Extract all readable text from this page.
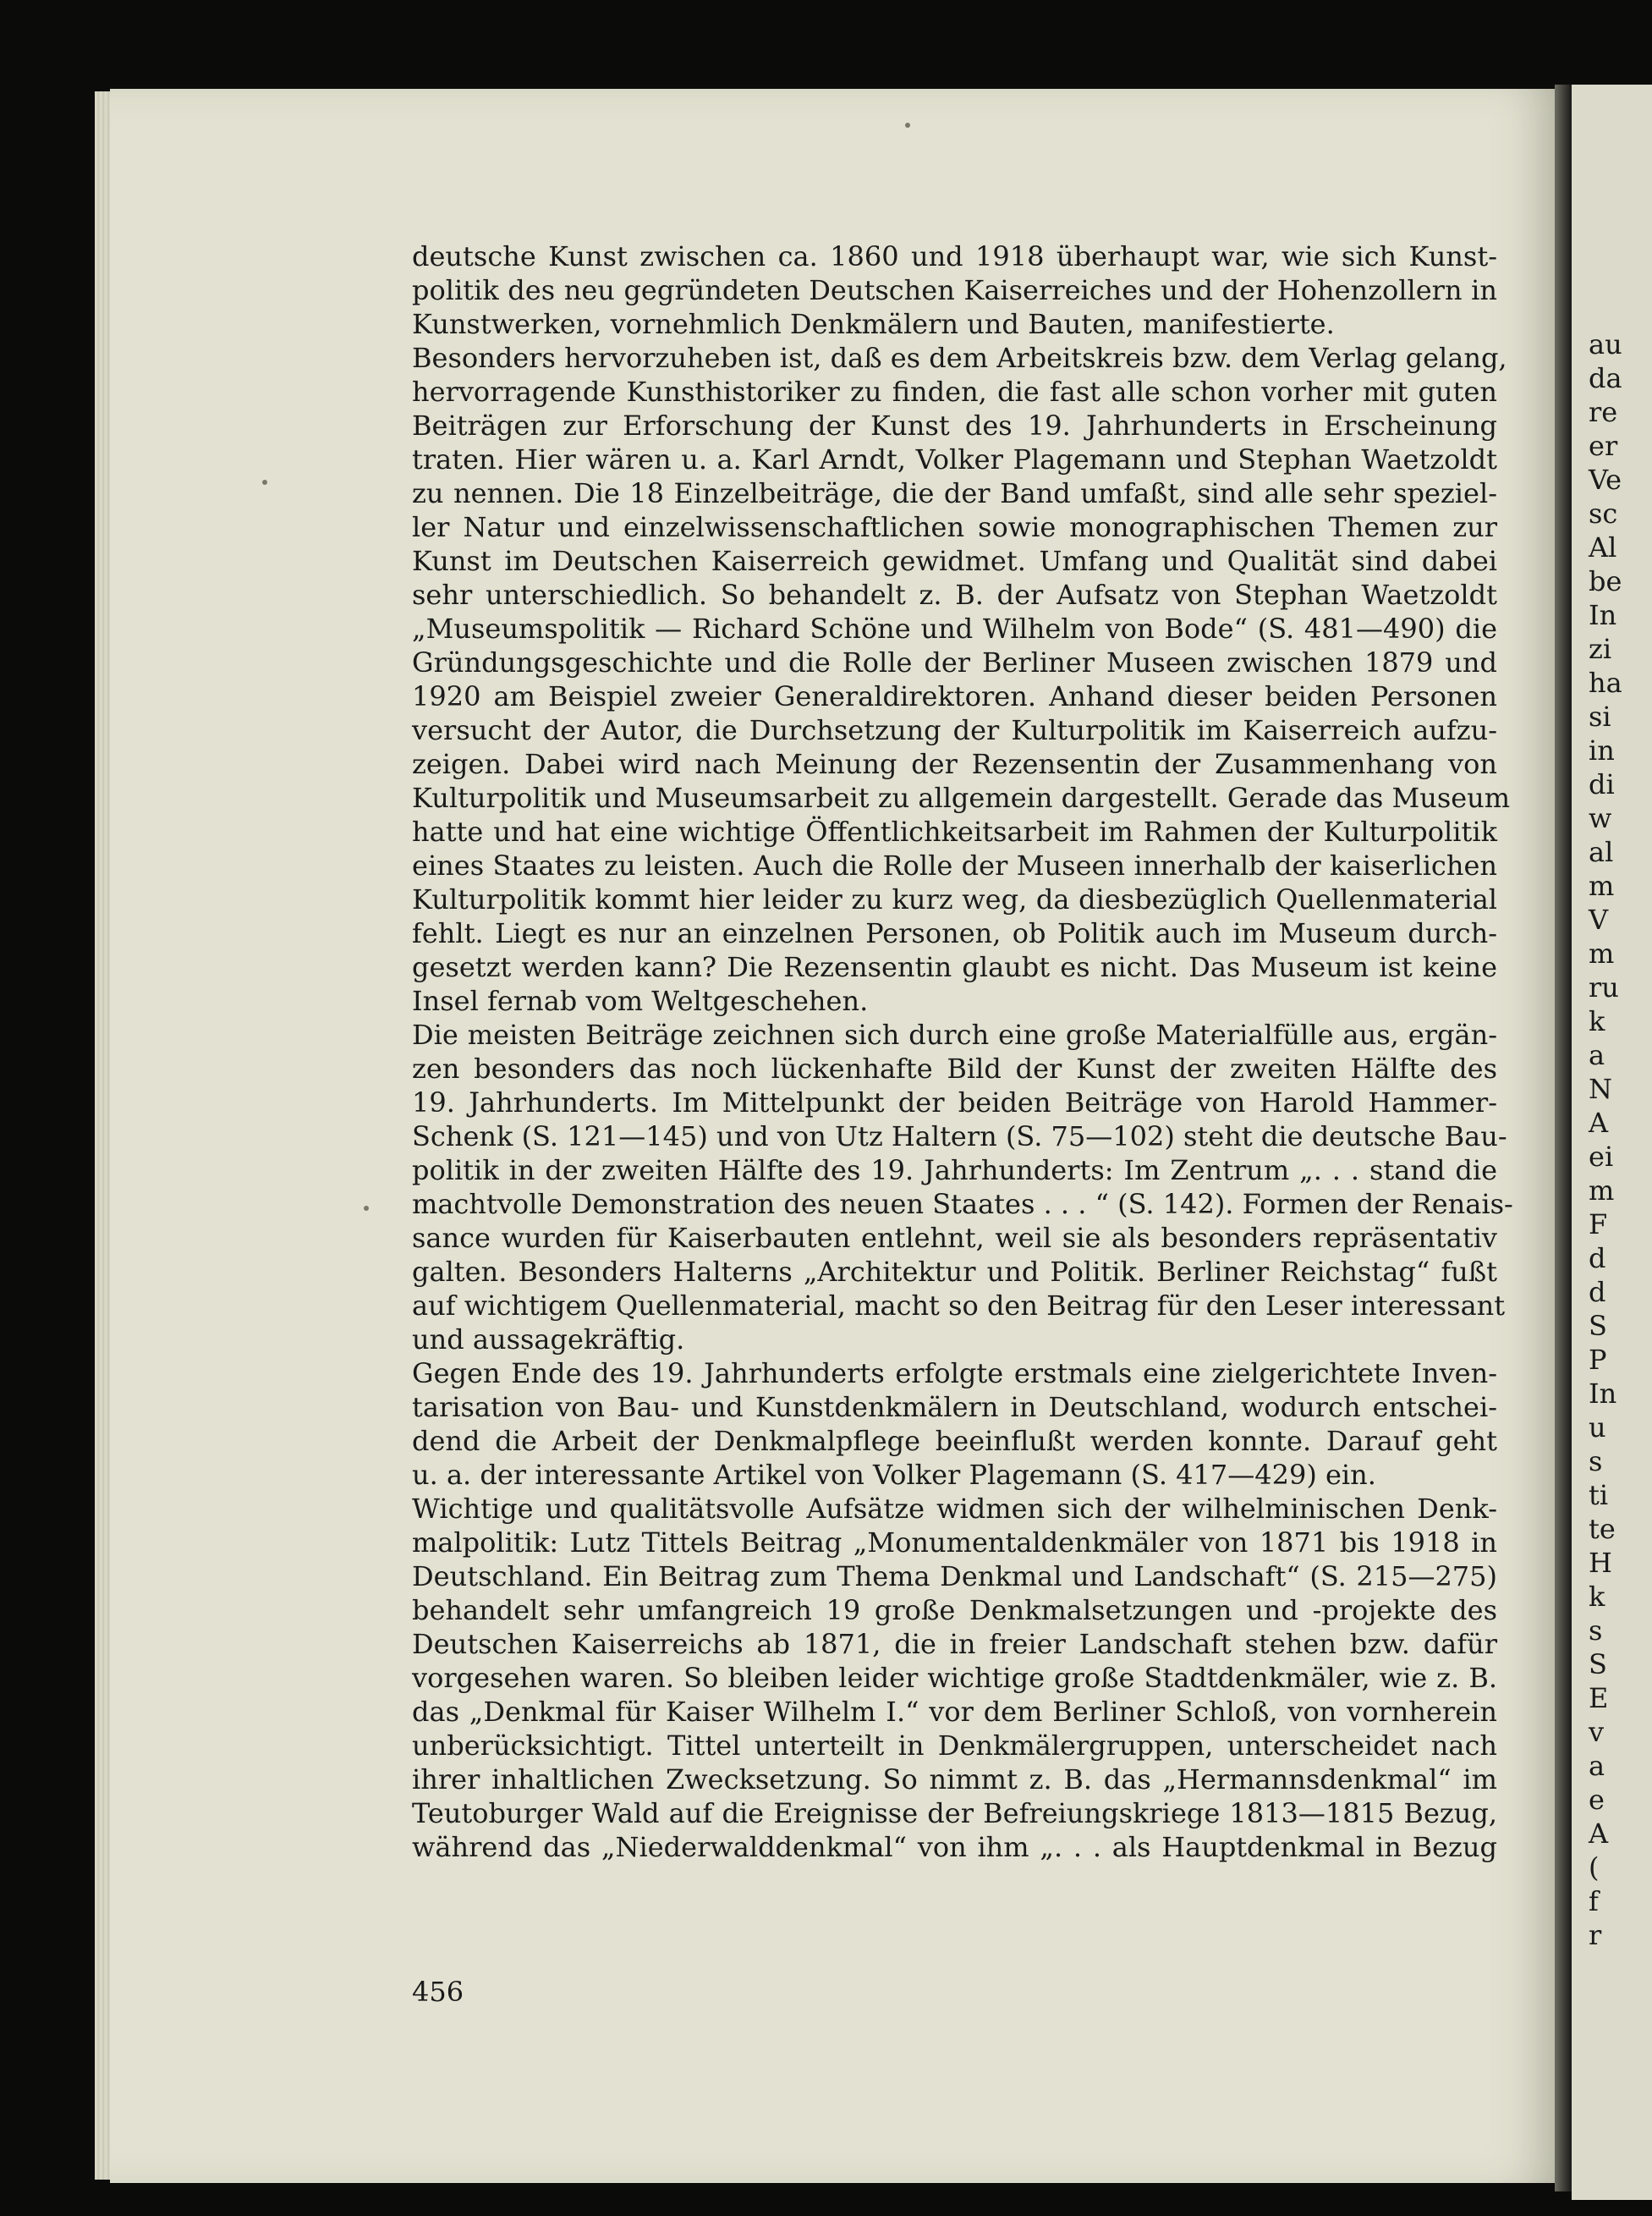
au
da
re
er
Ve
sc
Al
be
In
zi
ha
si
in
di
w
al
m
V
m
ru
k
a
N
A
ei
m
F
d
d
S
P
In
u
s
ti
te
H
k
s
S
E
v
a
e
A
(
f
r
deutsche Kunst zwischen ca. 1860 und 1918 überhaupt war, wie sich Kunst-
politik des neu gegründeten Deutschen Kaiserreiches und der Hohenzollern in
Kunstwerken, vornehmlich Denkmälern und Bauten, manifestierte.
Besonders hervorzuheben ist, daß es dem Arbeitskreis bzw. dem Verlag gelang,
hervorragende Kunsthistoriker zu finden, die fast alle schon vorher mit guten
Beiträgen zur Erforschung der Kunst des 19. Jahrhunderts in Erscheinung
traten. Hier wären u. a. Karl Arndt, Volker Plagemann und Stephan Waetzoldt
zu nennen. Die 18 Einzelbeiträge, die der Band umfaßt, sind alle sehr speziel-
ler Natur und einzelwissenschaftlichen sowie monographischen Themen zur
Kunst im Deutschen Kaiserreich gewidmet. Umfang und Qualität sind dabei
sehr unterschiedlich. So behandelt z. B. der Aufsatz von Stephan Waetzoldt
„Museumspolitik — Richard Schöne und Wilhelm von Bode“ (S. 481—490) die
Gründungsgeschichte und die Rolle der Berliner Museen zwischen 1879 und
1920 am Beispiel zweier Generaldirektoren. Anhand dieser beiden Personen
versucht der Autor, die Durchsetzung der Kulturpolitik im Kaiserreich aufzu-
zeigen. Dabei wird nach Meinung der Rezensentin der Zusammenhang von
Kulturpolitik und Museumsarbeit zu allgemein dargestellt. Gerade das Museum
hatte und hat eine wichtige Öffentlichkeitsarbeit im Rahmen der Kulturpolitik
eines Staates zu leisten. Auch die Rolle der Museen innerhalb der kaiserlichen
Kulturpolitik kommt hier leider zu kurz weg, da diesbezüglich Quellenmaterial
fehlt. Liegt es nur an einzelnen Personen, ob Politik auch im Museum durch-
gesetzt werden kann? Die Rezensentin glaubt es nicht. Das Museum ist keine
Insel fernab vom Weltgeschehen.
Die meisten Beiträge zeichnen sich durch eine große Materialfülle aus, ergän-
zen besonders das noch lückenhafte Bild der Kunst der zweiten Hälfte des
19. Jahrhunderts. Im Mittelpunkt der beiden Beiträge von Harold Hammer-
Schenk (S. 121—145) und von Utz Haltern (S. 75—102) steht die deutsche Bau-
politik in der zweiten Hälfte des 19. Jahrhunderts: Im Zentrum „. . . stand die
machtvolle Demonstration des neuen Staates . . . “ (S. 142). Formen der Renais-
sance wurden für Kaiserbauten entlehnt, weil sie als besonders repräsentativ
galten. Besonders Halterns „Architektur und Politik. Berliner Reichstag“ fußt
auf wichtigem Quellenmaterial, macht so den Beitrag für den Leser interessant
und aussagekräftig.
Gegen Ende des 19. Jahrhunderts erfolgte erstmals eine zielgerichtete Inven-
tarisation von Bau- und Kunstdenkmälern in Deutschland, wodurch entschei-
dend die Arbeit der Denkmalpflege beeinflußt werden konnte. Darauf geht
u. a. der interessante Artikel von Volker Plagemann (S. 417—429) ein.
Wichtige und qualitätsvolle Aufsätze widmen sich der wilhelminischen Denk-
malpolitik: Lutz Tittels Beitrag „Monumentaldenkmäler von 1871 bis 1918 in
Deutschland. Ein Beitrag zum Thema Denkmal und Landschaft“ (S. 215—275)
behandelt sehr umfangreich 19 große Denkmalsetzungen und -projekte des
Deutschen Kaiserreichs ab 1871, die in freier Landschaft stehen bzw. dafür
vorgesehen waren. So bleiben leider wichtige große Stadtdenkmäler, wie z. B.
das „Denkmal für Kaiser Wilhelm I.“ vor dem Berliner Schloß, von vornherein
unberücksichtigt. Tittel unterteilt in Denkmälergruppen, unterscheidet nach
ihrer inhaltlichen Zwecksetzung. So nimmt z. B. das „Hermannsdenkmal“ im
Teutoburger Wald auf die Ereignisse der Befreiungskriege 1813—1815 Bezug,
während das „Niederwalddenkmal“ von ihm „. . . als Hauptdenkmal in Bezug
456
